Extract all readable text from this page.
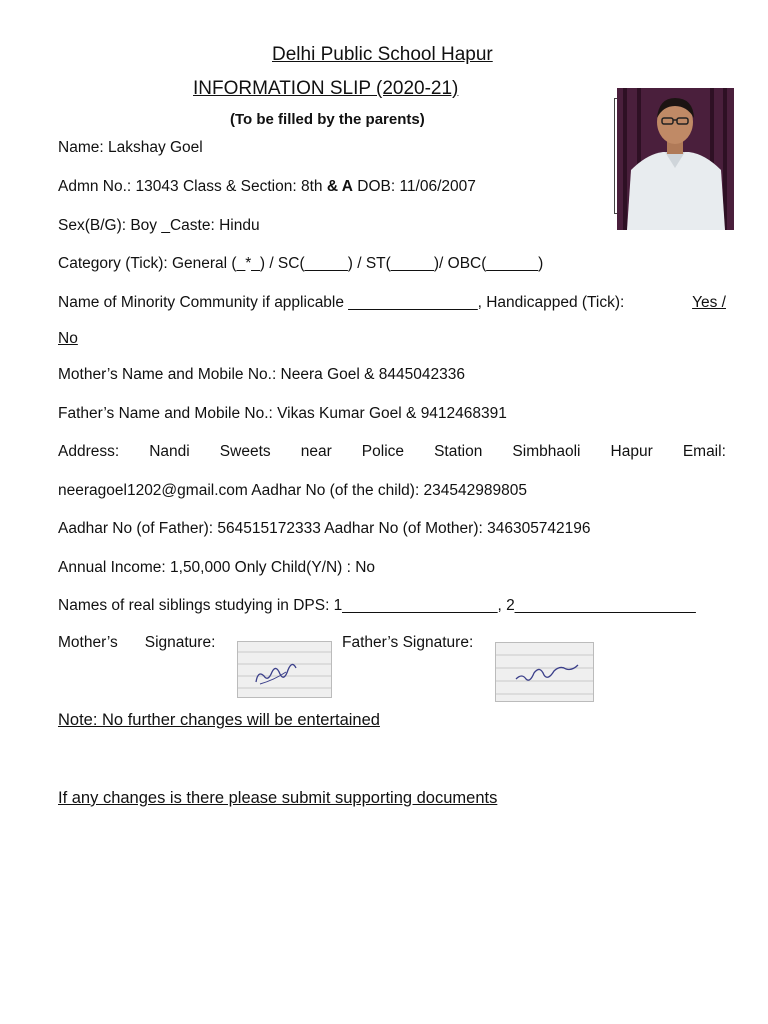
Delhi Public School Hapur
INFORMATION SLIP (2020-21)
(To be filled by the parents)
Name: Lakshay Goel
Admn No.: 13043 Class & Section: 8th & A DOB: 11/06/2007
Sex(B/G): Boy _Caste: Hindu
Category (Tick): General (_*_) / SC(_____) / ST(_____)/ OBC(______)
Name of Minority Community if applicable _______________, Handicapped (Tick):	Yes /
No
Mother’s Name and Mobile No.: Neera Goel & 8445042336
Father’s Name and Mobile No.: Vikas Kumar Goel & 9412468391
Address: Nandi Sweets near Police Station Simbhaoli Hapur Email:
neeragoel1202@gmail.com Aadhar No (of the child): 234542989805
Aadhar No (of Father): 564515172333 Aadhar No (of Mother): 346305742196
Annual Income: 1,50,000 Only Child(Y/N) : No
Names of real siblings studying in DPS: 1__________________, 2_____________________
Mother’s Signature:	Father’s Signature:
Note: No further changes will be entertained
If any changes is there please submit supporting documents
